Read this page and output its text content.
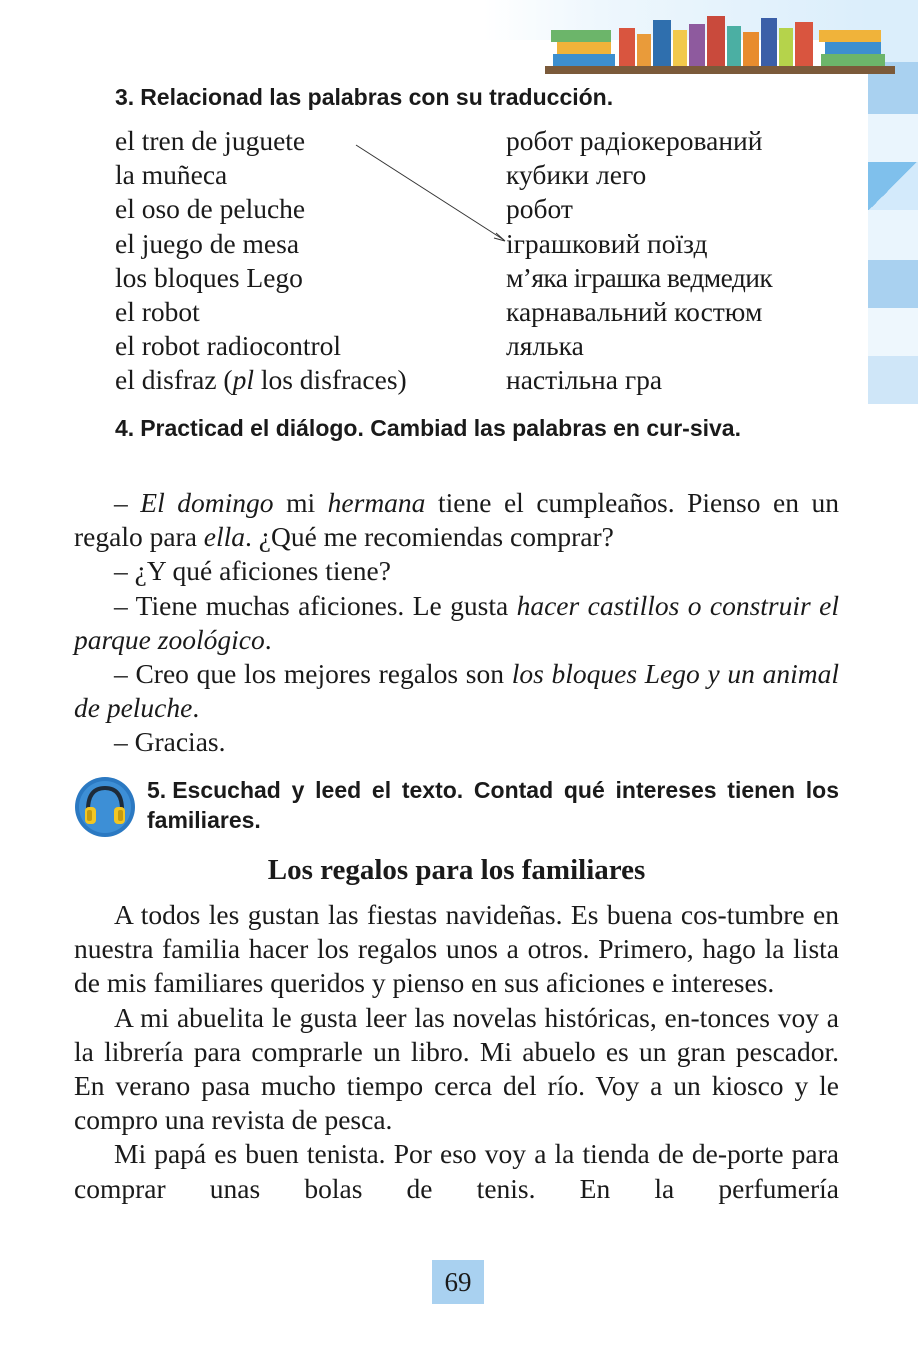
3. Relacionad las palabras con su traducción.
el tren de juguete
la muñeca
el oso de peluche
el juego de mesa
los bloques Lego
el robot
el robot radiocontrol
el disfraz (pl los disfraces)
робот радіокерований
кубики лего
робот
іграшковий поїзд
м’яка іграшка ведмедик
карнавальний костюм
лялька
настільна гра
4. Practicad el diálogo. Cambiad las palabras en cur-siva.

– El domingo mi hermana tiene el cumpleaños. Pienso en un regalo para ella. ¿Qué me recomiendas comprar?

– ¿Y qué aficiones tiene?

– Tiene muchas aficiones. Le gusta hacer castillos o construir el parque zoológico.

– Creo que los mejores regalos son los bloques Lego y un animal de peluche.

– Gracias.

5. Escuchad y leed el texto. Contad qué intereses tienen los familiares.
Los regalos para los familiares

A todos les gustan las fiestas navideñas. Es buena cos-tumbre en nuestra familia hacer los regalos unos a otros. Primero, hago la lista de mis familiares queridos y pienso en sus aficiones e intereses.

A mi abuelita le gusta leer las novelas históricas, en-tonces voy a la librería para comprarle un libro. Mi abuelo es un gran pescador. En verano pasa mucho tiempo cerca del río. Voy a un kiosco y le compro una revista de pesca.

Mi papá es buen tenista. Por eso voy a la tienda de de-porte para comprar unas bolas de tenis. En la perfumería

69
